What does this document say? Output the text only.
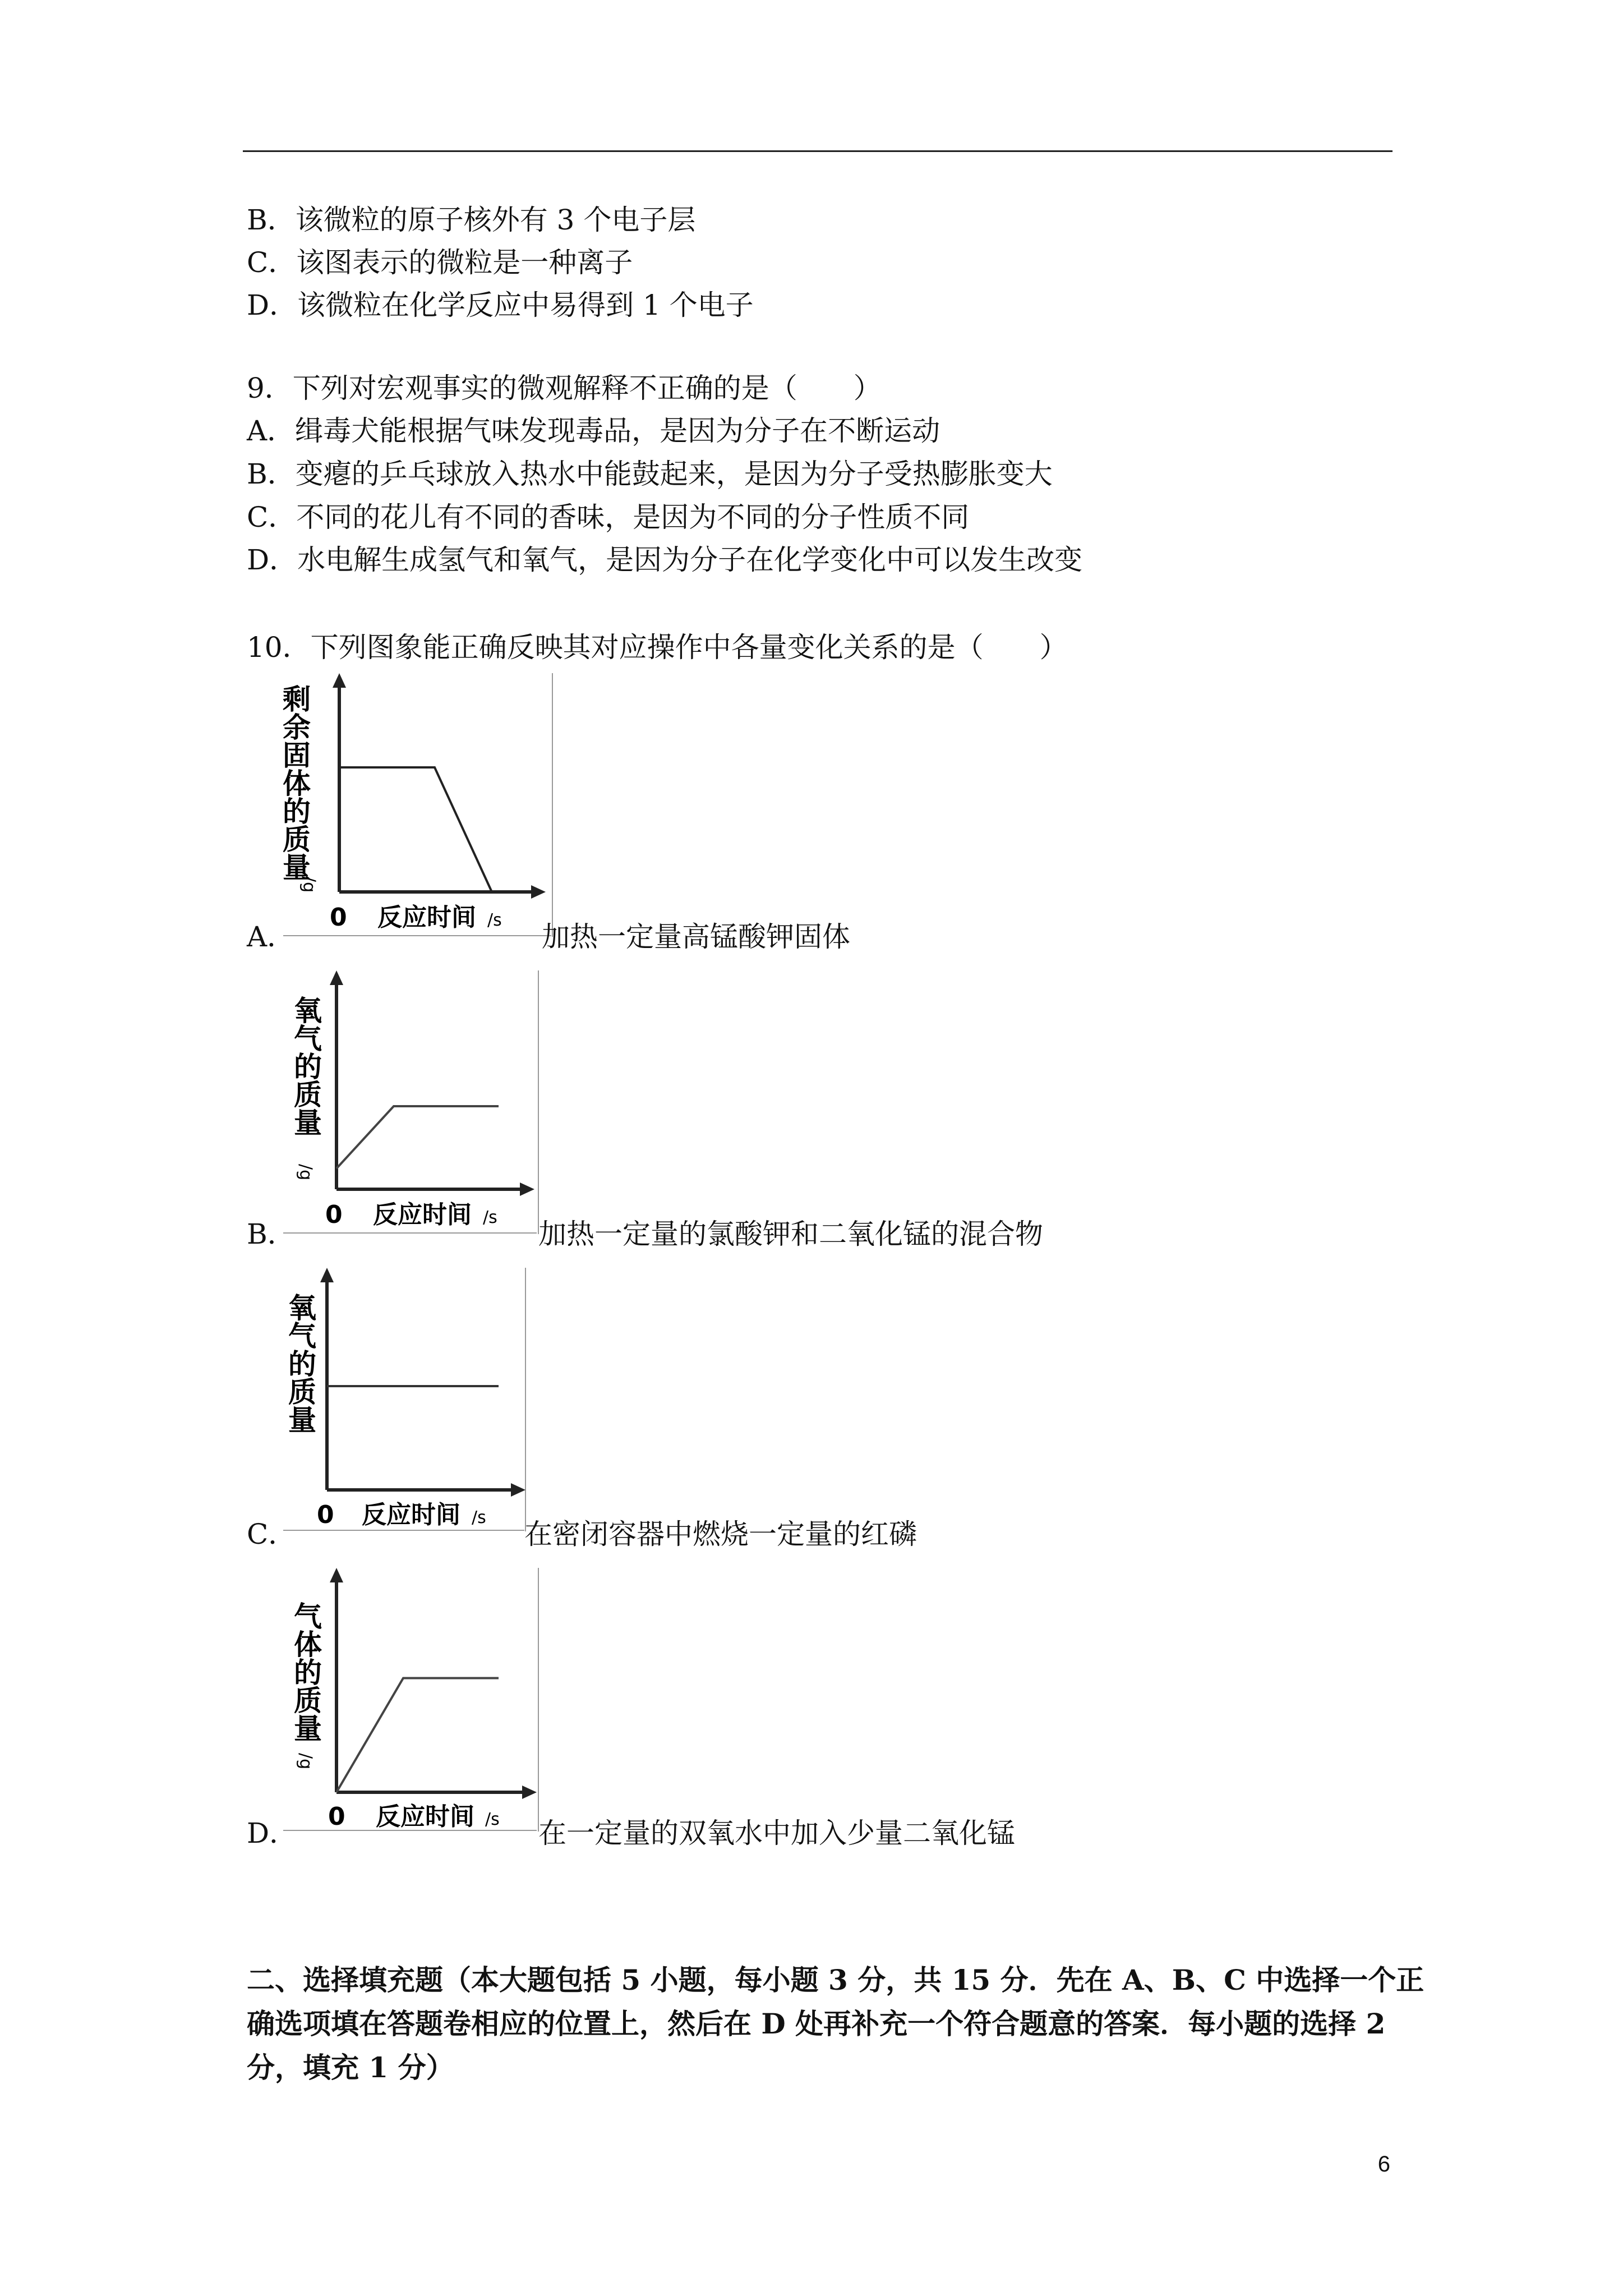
B．该微粒的原子核外有 3 个电子层
C．该图表示的微粒是一种离子
D．该微粒在化学反应中易得到 1 个电子
9．下列对宏观事实的微观解释不正确的是（　　）
A．缉毒犬能根据气味发现毒品，是因为分子在不断运动
B．变瘪的乒乓球放入热水中能鼓起来，是因为分子受热膨胀变大
C．不同的花儿有不同的香味，是因为不同的分子性质不同
D．水电解生成氢气和氧气，是因为分子在化学变化中可以发生改变
10．下列图象能正确反映其对应操作中各量变化关系的是（　　）
A．
剩余固体的质量
/g
0 反应时间 /s
加热一定量高锰酸钾固体
B．
氧气的质量
/g
0 反应时间 /s
加热一定量的氯酸钾和二氧化锰的混合物
C．
氧气的质量
0 反应时间 /s
在密闭容器中燃烧一定量的红磷
D．
气体的质量
/g
0 反应时间 /s 在一定量的双氧水中加入少量二氧化锰
二、选择填充题（本大题包括 5 小题，每小题 3 分，共 15 分．先在 A、B、C 中选择一个正
确选项填在答题卷相应的位置上，然后在 D 处再补充一个符合题意的答案．每小题的选择 2
分，填充 1 分）
6
